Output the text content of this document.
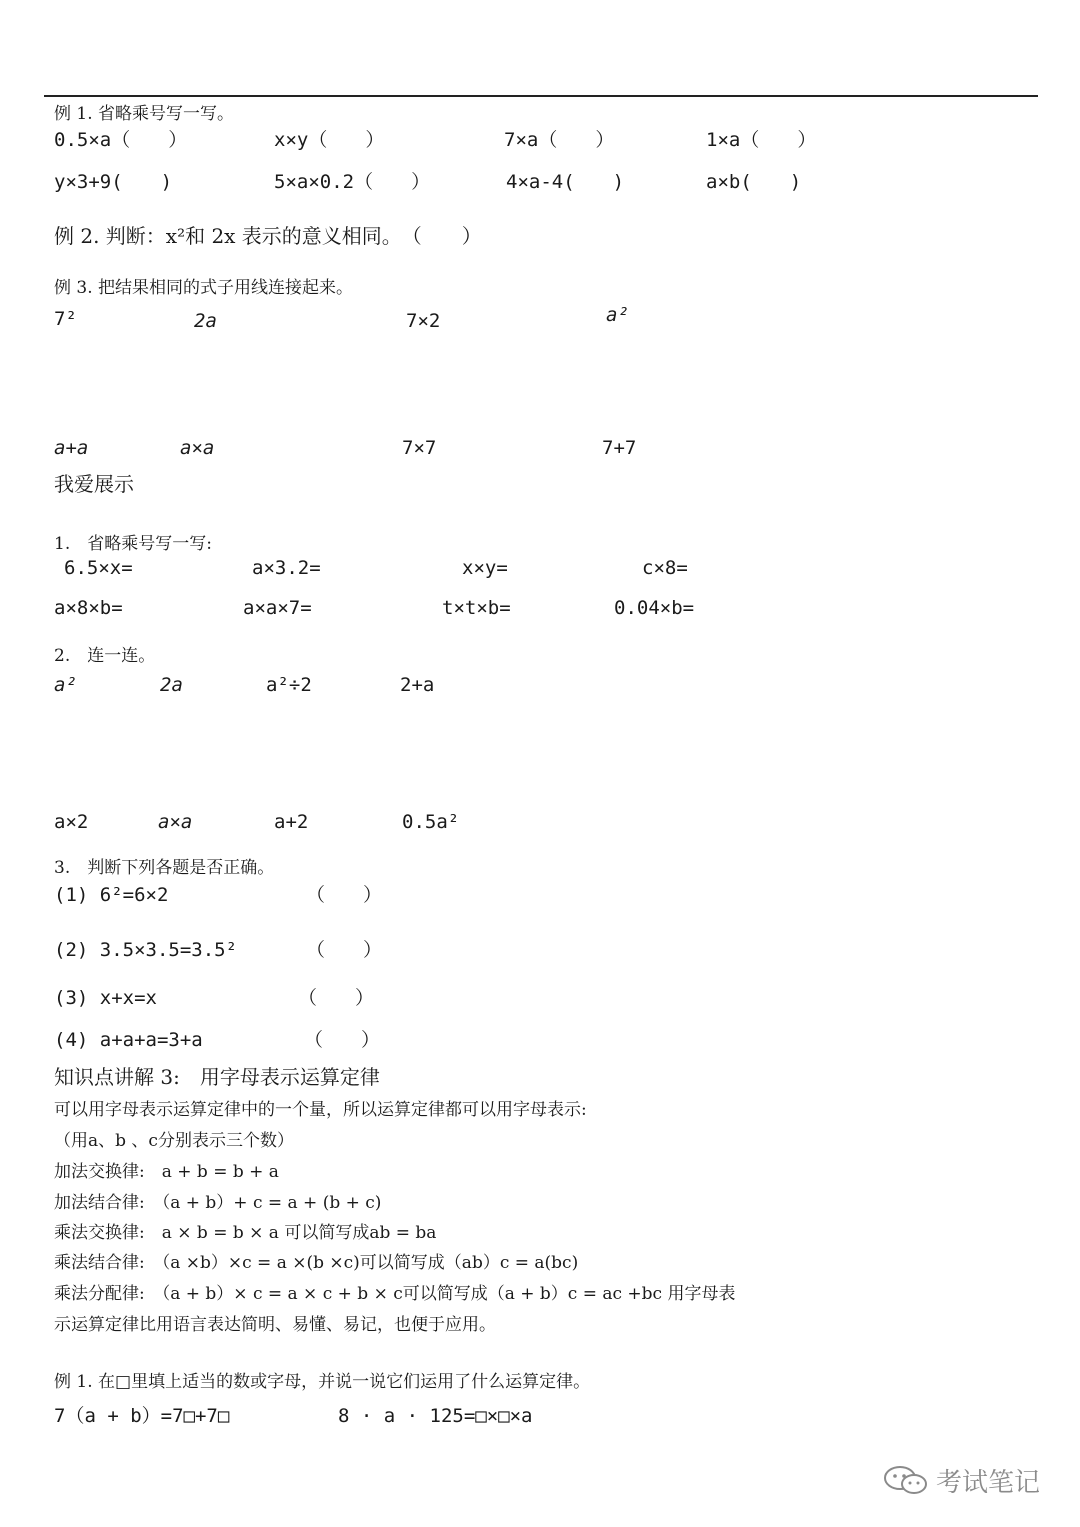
例 1. 省略乘号写一写。
0.5×a（　　）	x×y（　　）	7×a（　　）	1×a（　　）
y×3+9(　　)	5×a×0.2（　　）	4×a-4(　　)	a×b(　　)
例 2. 判断：x²和 2x 表示的意义相同。　（　　）
例 3. 把结果相同的式子用线连接起来。
7²	2a	7×2	a²
a+a	a×a	7×7	7+7
我爱展示
1.　省略乘号写一写:
6.5×x=	a×3.2=	x×y=	c×8=
a×8×b=	a×a×7=	t×t×b=	0.04×b=
2.　连一连。
a²	2a	a²÷2	2+a
a×2	a×a	a+2	0.5a²
3.　判断下列各题是否正确。
(1) 6²=6×2	（　　）
(2) 3.5×3.5=3.5²	（　　）
(3) x+x=x	（　　）
(4) a+a+a=3+a	（　　）
知识点讲解 3:　用字母表示运算定律
可以用字母表示运算定律中的一个量，所以运算定律都可以用字母表示:
（用a、b 、c分别表示三个数）
加法交换律:　a + b = b + a
加法结合律:　（a + b）+ c = a + (b + c)
乘法交换律:　a × b = b × a 可以简写成ab = ba
乘法结合律:　（a ×b）×c = a ×(b ×c)可以简写成（ab）c = a(bc)
乘法分配律:　（a + b）× c = a × c + b × c可以简写成（a + b）c = ac +bc 用字母表
示运算定律比用语言表达简明、易懂、易记，也便于应用。
例 1. 在□里填上适当的数或字母，并说一说它们运用了什么运算定律。
7（a + b）=7□+7□	8 · a · 125=□×□×a
考试笔记
